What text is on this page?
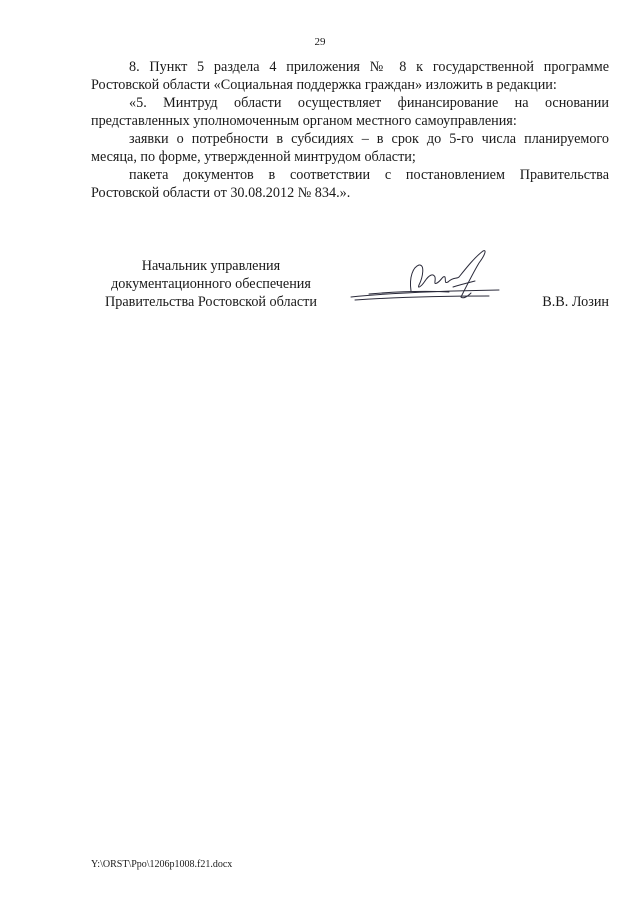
29

8. Пункт 5 раздела 4 приложения № 8 к государственной программе Ростовской области «Социальная поддержка граждан» изложить в редакции:

«5. Минтруд области осуществляет финансирование на основании представленных уполномоченным органом местного самоуправления:

заявки о потребности в субсидиях – в срок до 5-го числа планируемого месяца, по форме, утвержденной минтрудом области;

пакета документов в соответствии с постановлением Правительства Ростовской области от 30.08.2012 № 834.».

Начальник управления
документационного обеспечения
Правительства Ростовской области	В.В. Лозин
Y:\ORST\Ppo\1206p1008.f21.docx
